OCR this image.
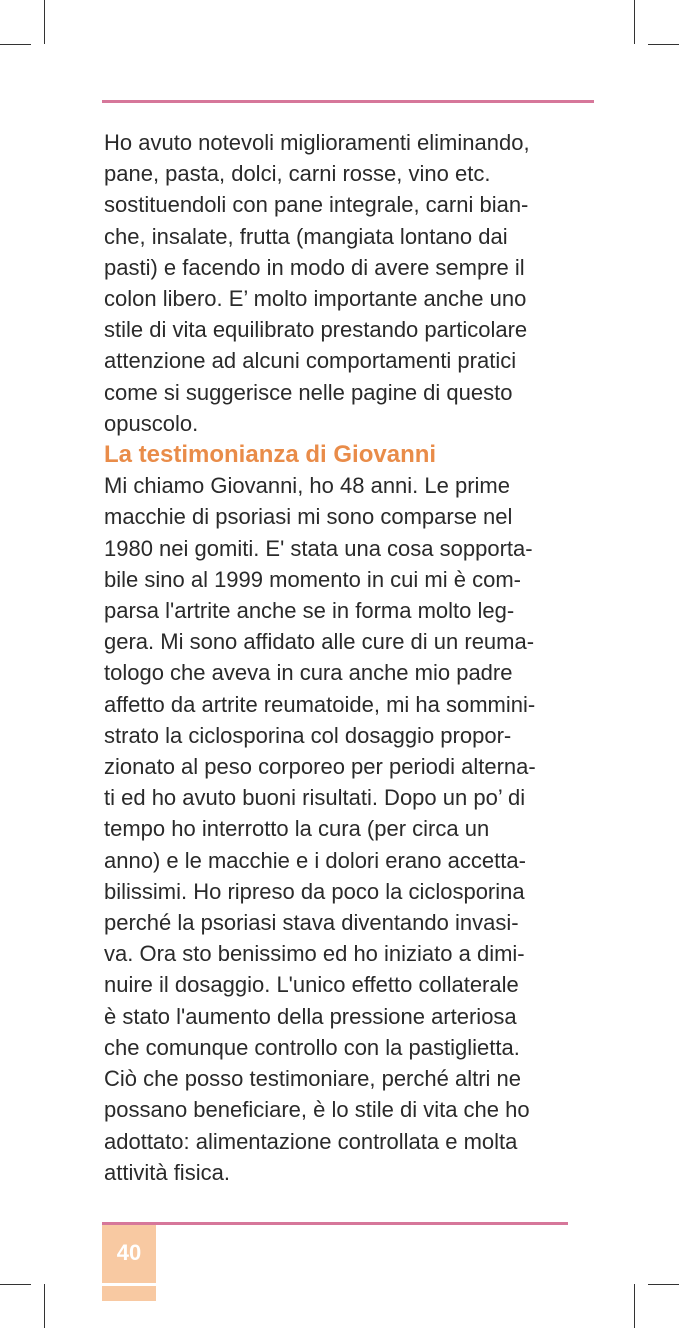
Ho avuto notevoli miglioramenti eliminando,
pane, pasta, dolci, carni rosse, vino etc.
sostituendoli con pane integrale, carni bian-
che, insalate, frutta (mangiata lontano dai
pasti) e facendo in modo di avere sempre il
colon libero. E’ molto importante anche uno
stile di vita equilibrato prestando particolare
attenzione ad alcuni comportamenti pratici
come si suggerisce nelle pagine di questo
opuscolo.
La testimonianza di Giovanni
Mi chiamo Giovanni, ho 48 anni. Le prime
macchie di psoriasi mi sono comparse nel
1980 nei gomiti. E' stata una cosa sopporta-
bile sino al 1999 momento in cui mi è com-
parsa l'artrite anche se in forma molto leg-
gera. Mi sono affidato alle cure di un reuma-
tologo che aveva in cura anche mio padre
affetto da artrite reumatoide, mi ha sommini-
strato la ciclosporina col dosaggio propor-
zionato al peso corporeo per periodi alterna-
ti ed ho avuto buoni risultati. Dopo un po’ di
tempo ho interrotto la cura (per circa un
anno) e le macchie e i dolori erano accetta-
bilissimi. Ho ripreso da poco la ciclosporina
perché la psoriasi stava diventando invasi-
va. Ora sto benissimo ed ho iniziato a dimi-
nuire il dosaggio. L'unico effetto collaterale
è stato l'aumento della pressione arteriosa
che comunque controllo con la pastiglietta.
Ciò che posso testimoniare, perché altri ne
possano beneficiare, è lo stile di vita che ho
adottato: alimentazione controllata e molta
attività fisica.
40
